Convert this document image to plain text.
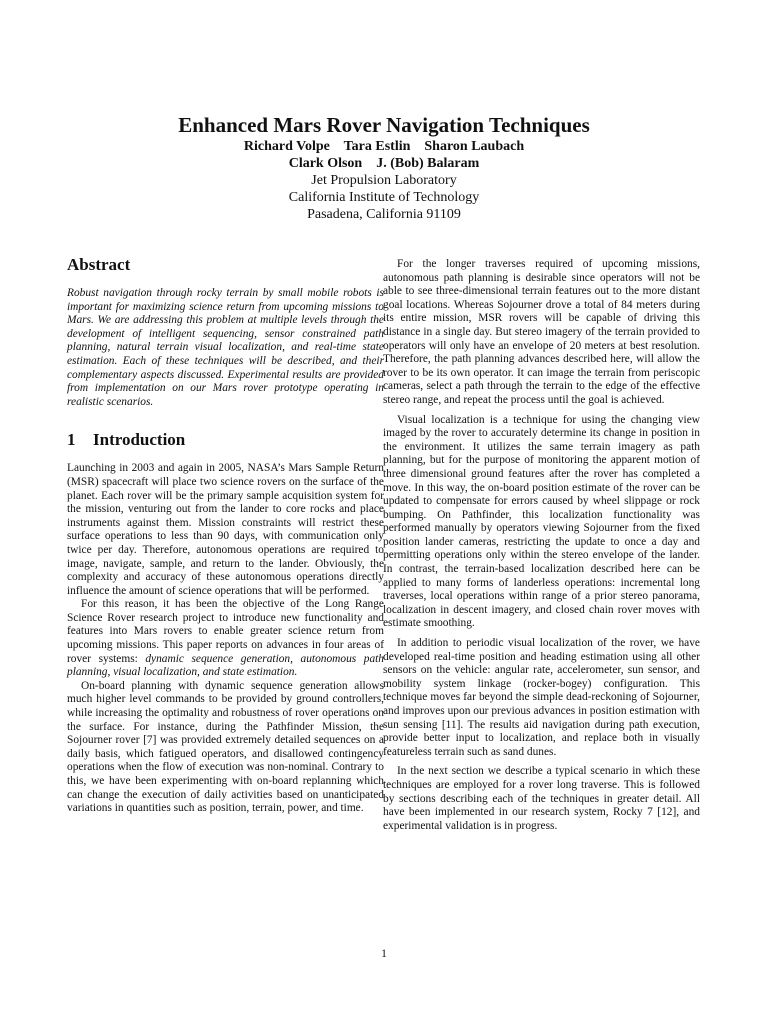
Enhanced Mars Rover Navigation Techniques
Richard Volpe    Tara Estlin    Sharon Laubach
Clark Olson    J. (Bob) Balaram
Jet Propulsion Laboratory
California Institute of Technology
Pasadena, California 91109
Abstract

Robust navigation through rocky terrain by small mobile robots is important for maximizing science return from upcoming missions to Mars. We are addressing this problem at multiple levels through the development of intelligent sequencing, sensor constrained path planning, natural terrain visual localization, and real-time state estimation. Each of these techniques will be described, and their complementary aspects discussed. Experimental results are provided from implementation on our Mars rover prototype operating in realistic scenarios.

1 Introduction

Launching in 2003 and again in 2005, NASA’s Mars Sample Return (MSR) spacecraft will place two science rovers on the surface of the planet. Each rover will be the primary sample acquisition system for the mission, venturing out from the lander to core rocks and place instruments against them. Mission constraints will restrict these surface operations to less than 90 days, with communication only twice per day. Therefore, autonomous operations are required to image, navigate, sample, and return to the lander. Obviously, the complexity and accuracy of these autonomous operations directly influence the amount of science operations that will be performed.

For this reason, it has been the objective of the Long Range Science Rover research project to introduce new functionality and features into Mars rovers to enable greater science return from upcoming missions. This paper reports on advances in four areas of rover systems: dynamic sequence generation, autonomous path planning, visual localization, and state estimation.

On-board planning with dynamic sequence generation allows much higher level commands to be provided by ground controllers, while increasing the optimality and robustness of rover operations on the surface. For instance, during the Pathfinder Mission, the Sojourner rover [7] was provided extremely detailed sequences on a daily basis, which fatigued operators, and disallowed contingency operations when the flow of execution was non-nominal. Contrary to this, we have been experimenting with on-board replanning which can change the execution of daily activities based on unanticipated variations in quantities such as position, terrain, power, and time.

For the longer traverses required of upcoming missions, autonomous path planning is desirable since operators will not be able to see three-dimensional terrain features out to the more distant goal locations. Whereas Sojourner drove a total of 84 meters during its entire mission, MSR rovers will be capable of driving this distance in a single day. But stereo imagery of the terrain provided to operators will only have an envelope of 20 meters at best resolution. Therefore, the path planning advances described here, will allow the rover to be its own operator. It can image the terrain from periscopic cameras, select a path through the terrain to the edge of the effective stereo range, and repeat the process until the goal is achieved.

Visual localization is a technique for using the changing view imaged by the rover to accurately determine its change in position in the environment. It utilizes the same terrain imagery as path planning, but for the purpose of monitoring the apparent motion of three dimensional ground features after the rover has completed a move. In this way, the on-board position estimate of the rover can be updated to compensate for errors caused by wheel slippage or rock bumping. On Pathfinder, this localization functionality was performed manually by operators viewing Sojourner from the fixed position lander cameras, restricting the update to once a day and permitting operations only within the stereo envelope of the lander. In contrast, the terrain-based localization described here can be applied to many forms of landerless operations: incremental long traverses, local operations within range of a prior stereo panorama, localization in descent imagery, and closed chain rover moves with estimate smoothing.

In addition to periodic visual localization of the rover, we have developed real-time position and heading estimation using all other sensors on the vehicle: angular rate, accelerometer, sun sensor, and mobility system linkage (rocker-bogey) configuration. This technique moves far beyond the simple dead-reckoning of Sojourner, and improves upon our previous advances in position estimation with sun sensing [11]. The results aid navigation during path execution, provide better input to localization, and replace both in visually featureless terrain such as sand dunes.

In the next section we describe a typical scenario in which these techniques are employed for a rover long traverse. This is followed by sections describing each of the techniques in greater detail. All have been implemented in our research system, Rocky 7 [12], and experimental validation is in progress.

1
